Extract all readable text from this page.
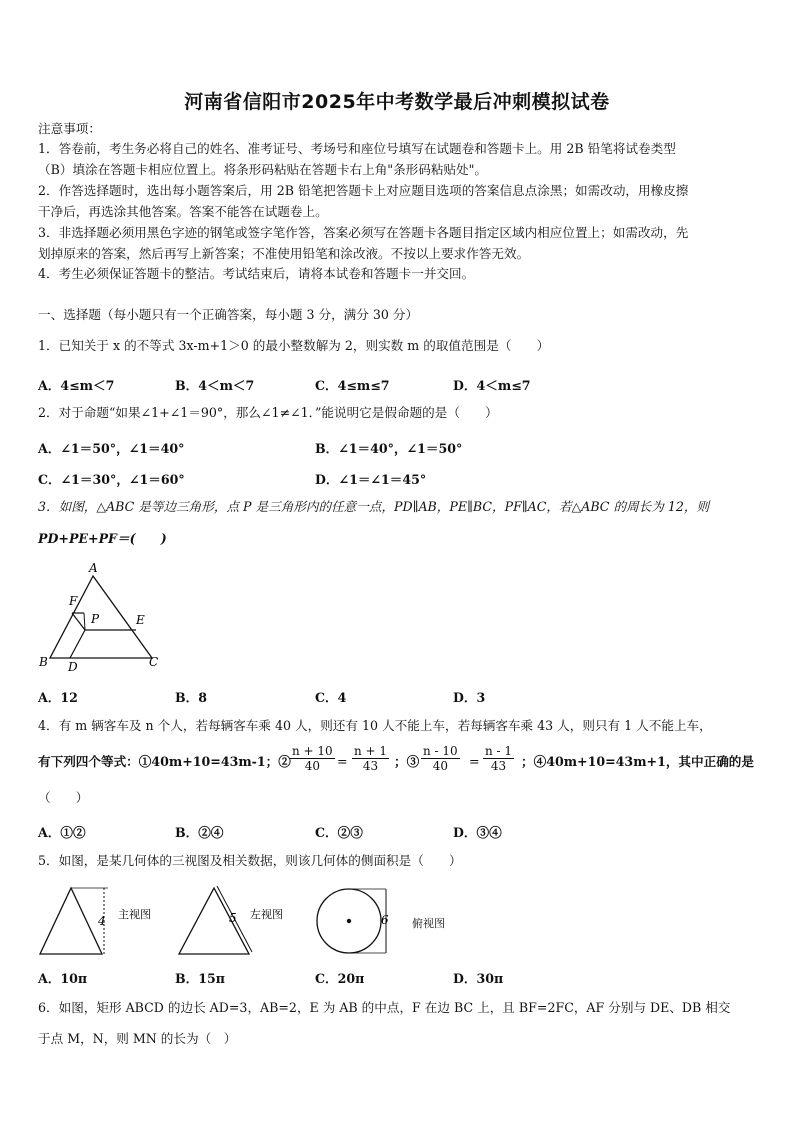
河南省信阳市2025年中考数学最后冲刺模拟试卷
注意事项：
1．答卷前，考生务必将自己的姓名、准考证号、考场号和座位号填写在试题卷和答题卡上。用 2B 铅笔将试卷类型
（B）填涂在答题卡相应位置上。将条形码粘贴在答题卡右上角"条形码粘贴处"。
2．作答选择题时，选出每小题答案后，用 2B 铅笔把答题卡上对应题目选项的答案信息点涂黑；如需改动，用橡皮擦
干净后，再选涂其他答案。答案不能答在试题卷上。
3．非选择题必须用黑色字迹的钢笔或签字笔作答，答案必须写在答题卡各题目指定区域内相应位置上；如需改动，先
划掉原来的答案，然后再写上新答案；不准使用铅笔和涂改液。不按以上要求作答无效。
4．考生必须保证答题卡的整洁。考试结束后，请将本试卷和答题卡一并交回。
一、选择题（每小题只有一个正确答案，每小题 3 分，满分 30 分）
1．已知关于 x 的不等式 3x-m+1＞0 的最小整数解为 2，则实数 m 的取值范围是（　　）
A．4≤m＜7	B．4＜m＜7	C．4≤m≤7	D．4＜m≤7
2．对于命题“如果∠1+∠1＝90°，那么∠1≠∠1．”能说明它是假命题的是（　　）
A．∠1＝50°，∠1＝40°	B．∠1＝40°，∠1＝50°
C．∠1＝30°，∠1＝60°	D．∠1＝∠1＝45°
3．如图，△ABC 是等边三角形，点 P 是三角形内的任意一点，PD∥AB，PE∥BC，PF∥AC，若△ABC 的周长为 12，则
PD+PE+PF＝(　　)
A
F
P	E
B D	C
A．12	B．8	C．4	D．3
4．有 m 辆客车及 n 个人，若每辆客车乘 40 人，则还有 10 人不能上车，若每辆客车乘 43 人，则只有 1 人不能上车，
有下列四个等式：①40m+10=43m-1；② $\frac{n + 10}{40} = \frac{n + 1}{43}$ ；③ $\frac{n - 10}{40} = \frac{n - 1}{43}$ ；④40m+10=43m+1，其中正确的是
（　　）
A．①②	B．②④	C．②③	D．③④
5．如图，是某几何体的三视图及相关数据，则该几何体的侧面积是（　　）
4 主视图	5 左视图	6 俯视图
A．10π	B．15π	C．20π	D．30π
6．如图，矩形 ABCD 的边长 AD=3，AB=2，E 为 AB 的中点，F 在边 BC 上，且 BF=2FC，AF 分别与 DE、DB 相交
于点 M，N，则 MN 的长为（　）
